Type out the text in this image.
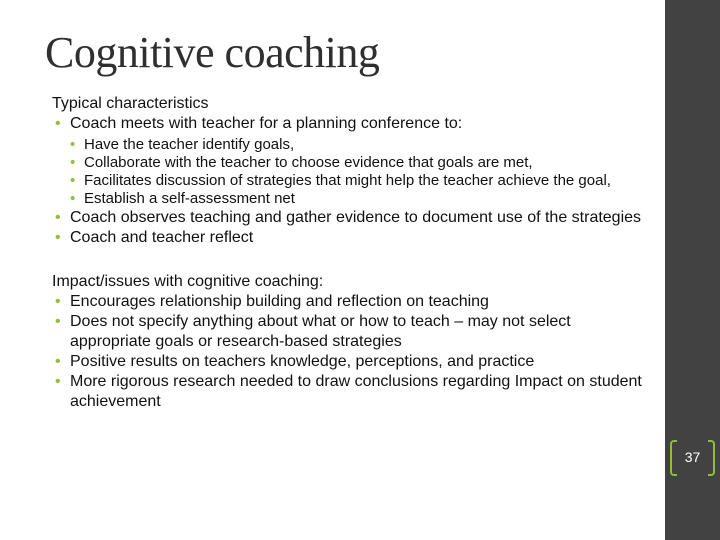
Cognitive coaching

Typical characteristics

• Coach meets with teacher for a planning conference to:
• Have the teacher identify goals,
• Collaborate with the teacher to choose evidence that goals are met,
• Facilitates discussion of strategies that might help the teacher achieve the goal,
• Establish a self-assessment net
• Coach observes teaching and gather evidence to document use of the strategies
• Coach and teacher reflect

Impact/issues with cognitive coaching:

• Encourages relationship building and reflection on teaching
• Does not specify anything about what or how to teach – may not select appropriate goals or research-based strategies
• Positive results on teachers knowledge, perceptions, and practice
• More rigorous research needed to draw conclusions regarding Impact on student achievement
37
